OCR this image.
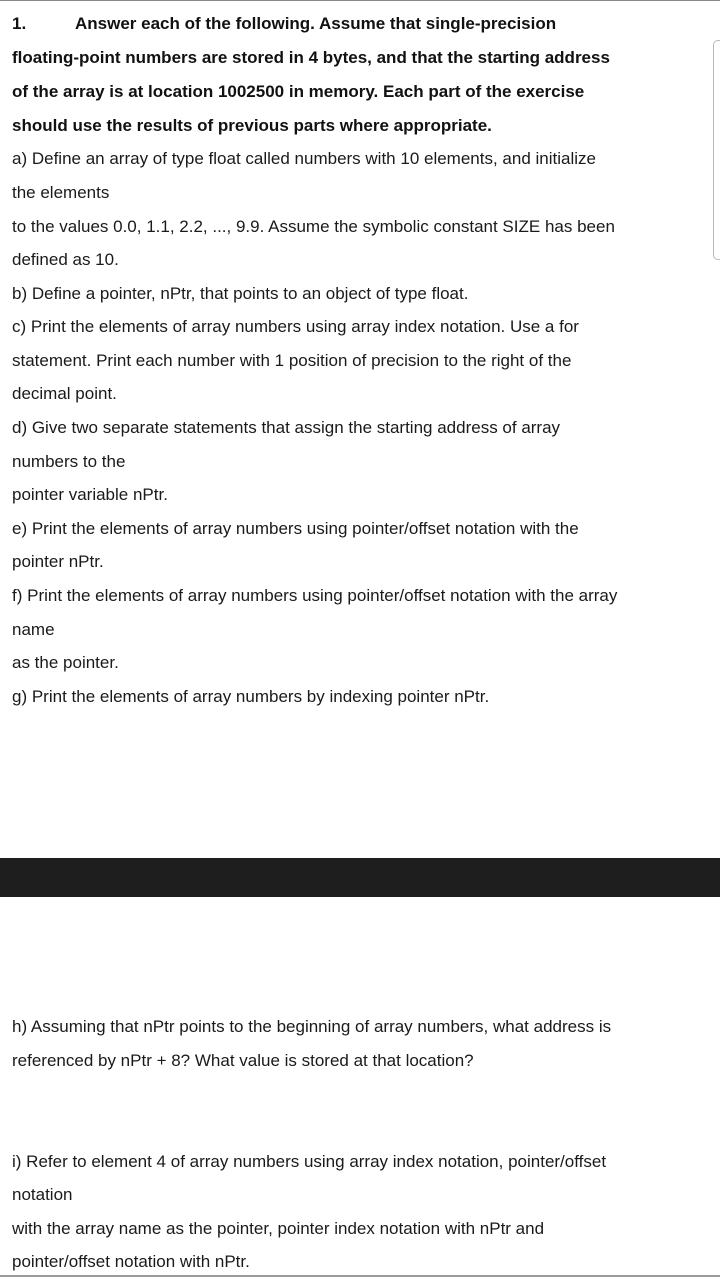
1.	Answer each of the following. Assume that single-precision

floating-point numbers are stored in 4 bytes, and that the starting address

of the array is at location 1002500 in memory. Each part of the exercise

should use the results of previous parts where appropriate.

a) Define an array of type float called numbers with 10 elements, and initialize

the elements

to the values 0.0, 1.1, 2.2, ..., 9.9. Assume the symbolic constant SIZE has been

defined as 10.

b) Define a pointer, nPtr, that points to an object of type float.

c) Print the elements of array numbers using array index notation. Use a for

statement. Print each number with 1 position of precision to the right of the

decimal point.

d) Give two separate statements that assign the starting address of array

numbers to the

pointer variable nPtr.

e) Print the elements of array numbers using pointer/offset notation with the

pointer nPtr.

f) Print the elements of array numbers using pointer/offset notation with the array

name

as the pointer.

g) Print the elements of array numbers by indexing pointer nPtr.

h) Assuming that nPtr points to the beginning of array numbers, what address is

referenced by nPtr + 8? What value is stored at that location?

i) Refer to element 4 of array numbers using array index notation, pointer/offset

notation

with the array name as the pointer, pointer index notation with nPtr and

pointer/offset notation with nPtr.
